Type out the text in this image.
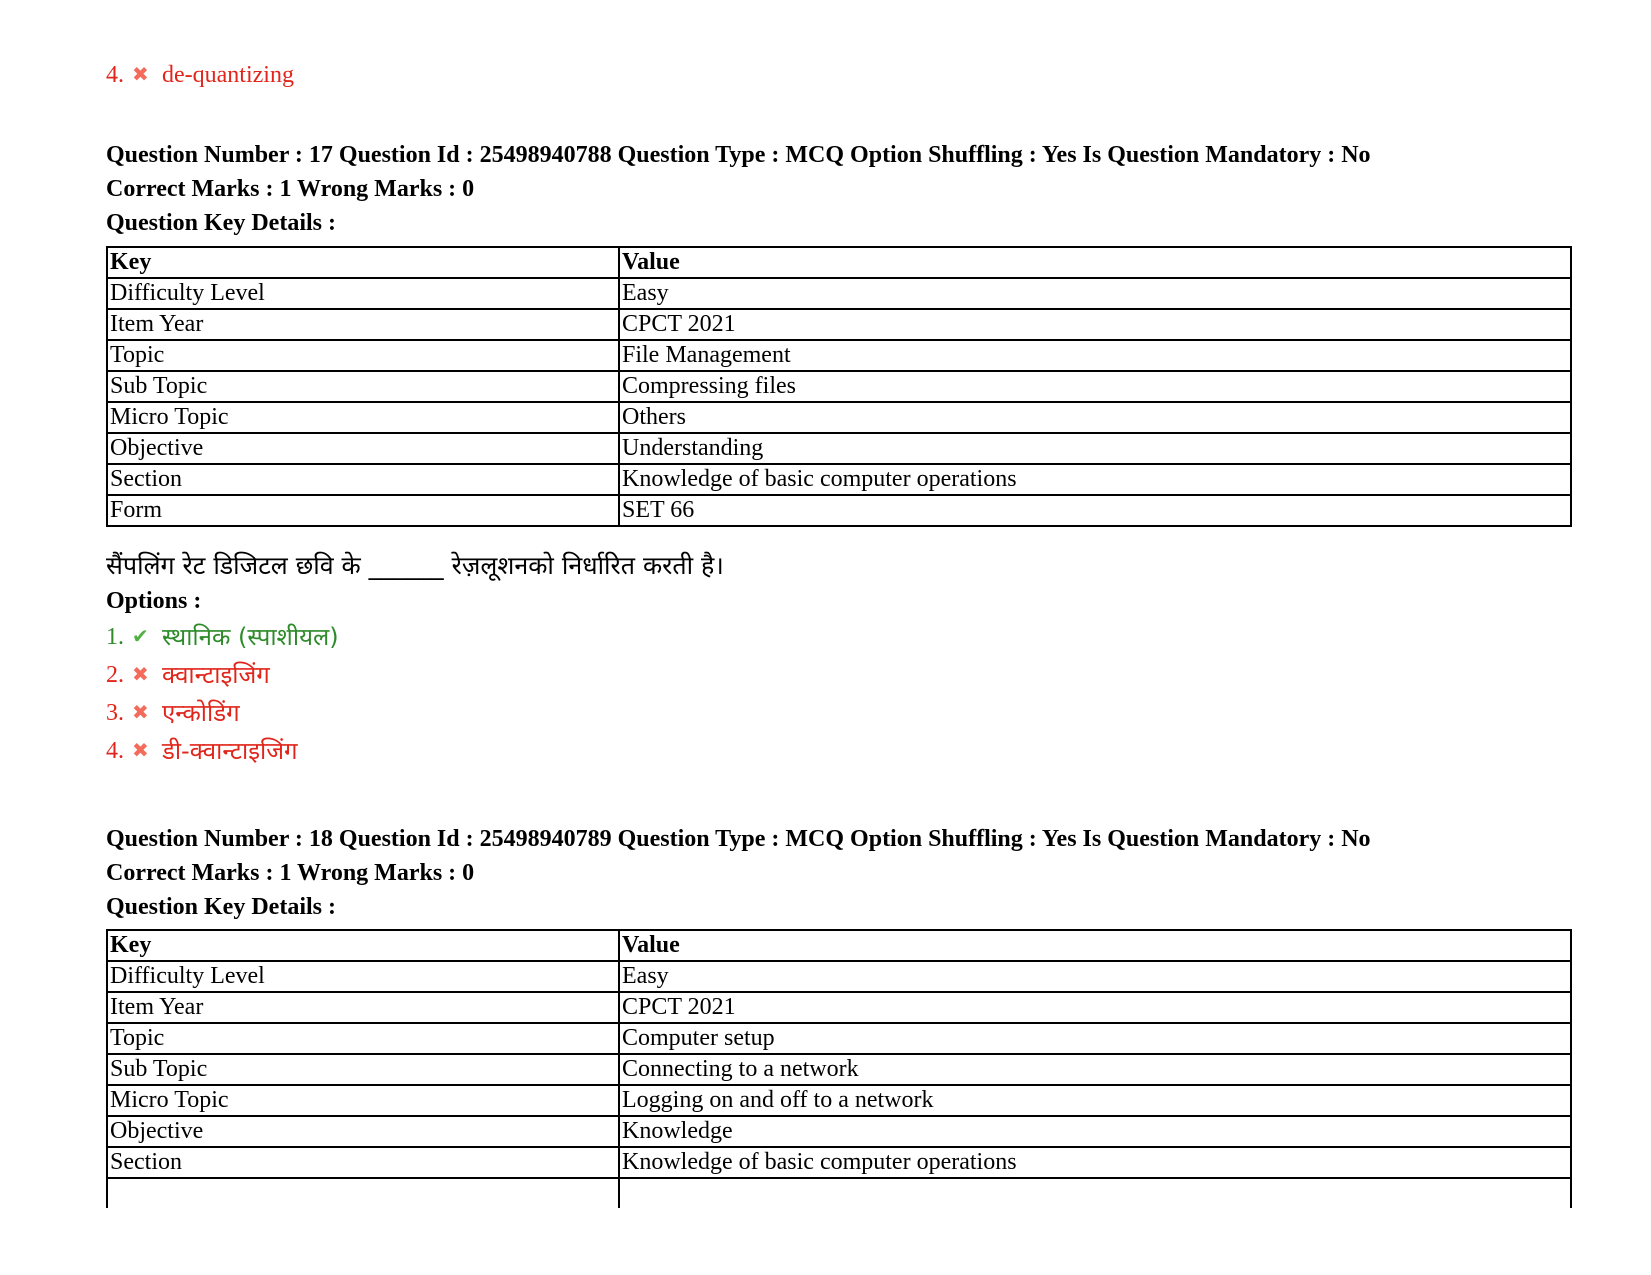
4. ✖ de-quantizing
Question Number : 17 Question Id : 25498940788 Question Type : MCQ Option Shuffling : Yes Is Question Mandatory : No
Correct Marks : 1 Wrong Marks : 0
Question Key Details :
Key	Value
Difficulty Level	Easy
Item Year	CPCT 2021
Topic	File Management
Sub Topic	Compressing files
Micro Topic	Others
Objective	Understanding
Section	Knowledge of basic computer operations
Form	SET 66
सैंपलिंग रेट डिजिटल छवि के ______ रेज़लूशनको निर्धारित करती है।
Options :
1. ✔ स्थानिक (स्पाशीयल)
2. ✖ क्वान्टाइजिंग
3. ✖ एन्कोडिंग
4. ✖ डी-क्वान्टाइजिंग
Question Number : 18 Question Id : 25498940789 Question Type : MCQ Option Shuffling : Yes Is Question Mandatory : No
Correct Marks : 1 Wrong Marks : 0
Question Key Details :
Key	Value
Difficulty Level	Easy
Item Year	CPCT 2021
Topic	Computer setup
Sub Topic	Connecting to a network
Micro Topic	Logging on and off to a network
Objective	Knowledge
Section	Knowledge of basic computer operations
